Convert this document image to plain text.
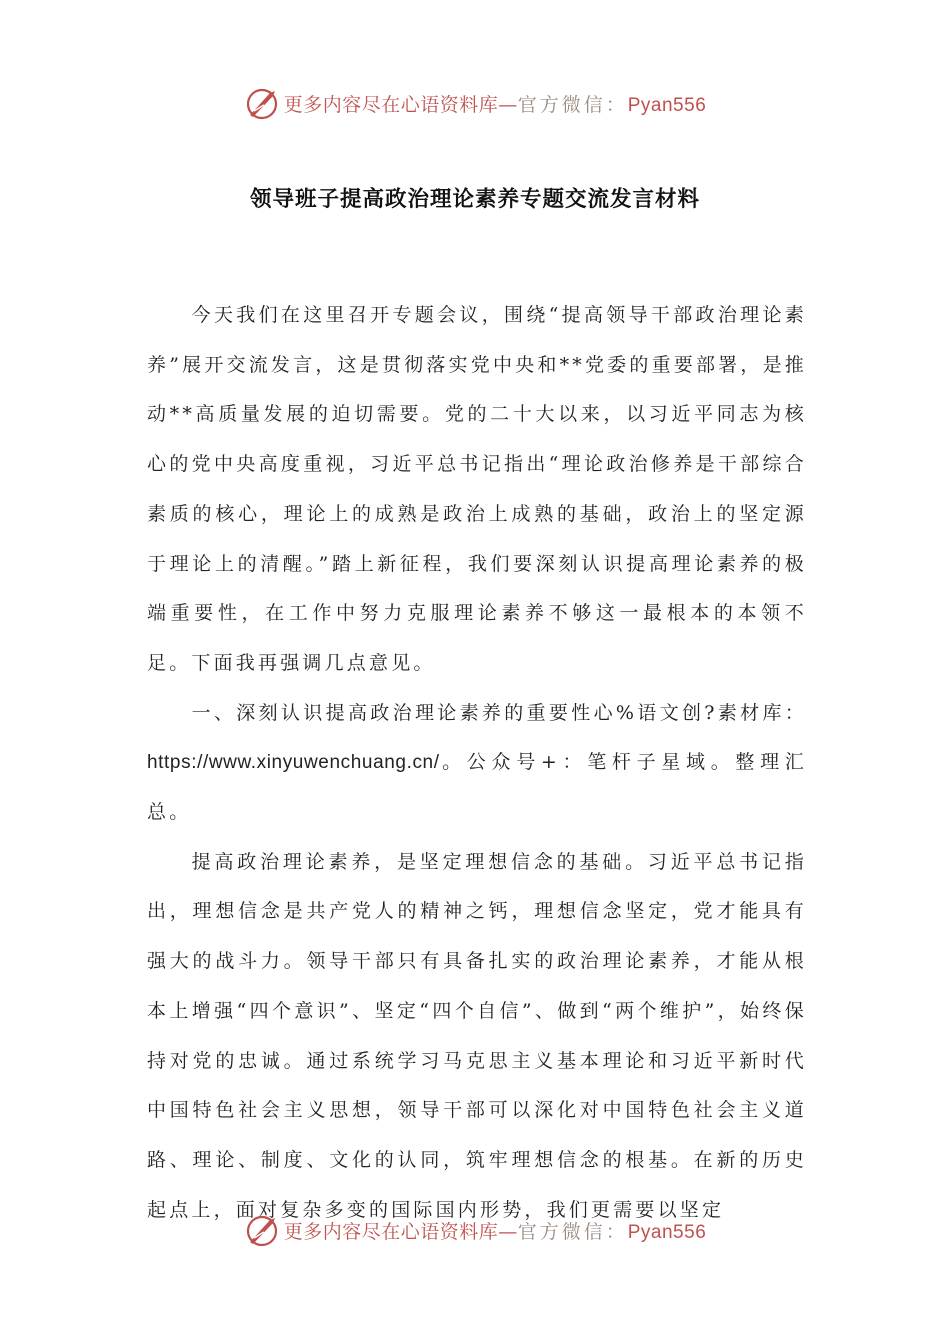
更多内容尽在心语资料库—官方微信：Pyan556
领导班子提高政治理论素养专题交流发言材料

今天我们在这里召开专题会议，围绕“提高领导干部政治理论素养”展开交流发言，这是贯彻落实党中央和**党委的重要部署，是推动**高质量发展的迫切需要。党的二十大以来，以习近平同志为核心的党中央高度重视，习近平总书记指出“理论政治修养是干部综合素质的核心，理论上的成熟是政治上成熟的基础，政治上的坚定源于理论上的清醒。”踏上新征程，我们要深刻认识提高理论素养的极端重要性，在工作中努力克服理论素养不够这一最根本的本领不足。下面我再强调几点意见。

一、深刻认识提高政治理论素养的重要性心%语文创?素材库：https://www.xinyuwenchuang.cn/。公众号+：笔杆子星域。整理汇总。

提高政治理论素养，是坚定理想信念的基础。习近平总书记指出，理想信念是共产党人的精神之钙，理想信念坚定，党才能具有强大的战斗力。领导干部只有具备扎实的政治理论素养，才能从根本上增强“四个意识”、坚定“四个自信”、做到“两个维护”，始终保持对党的忠诚。通过系统学习马克思主义基本理论和习近平新时代中国特色社会主义思想，领导干部可以深化对中国特色社会主义道路、理论、制度、文化的认同，筑牢理想信念的根基。在新的历史起点上，面对复杂多变的国际国内形势，我们更需要以坚定

更多内容尽在心语资料库—官方微信：Pyan556
